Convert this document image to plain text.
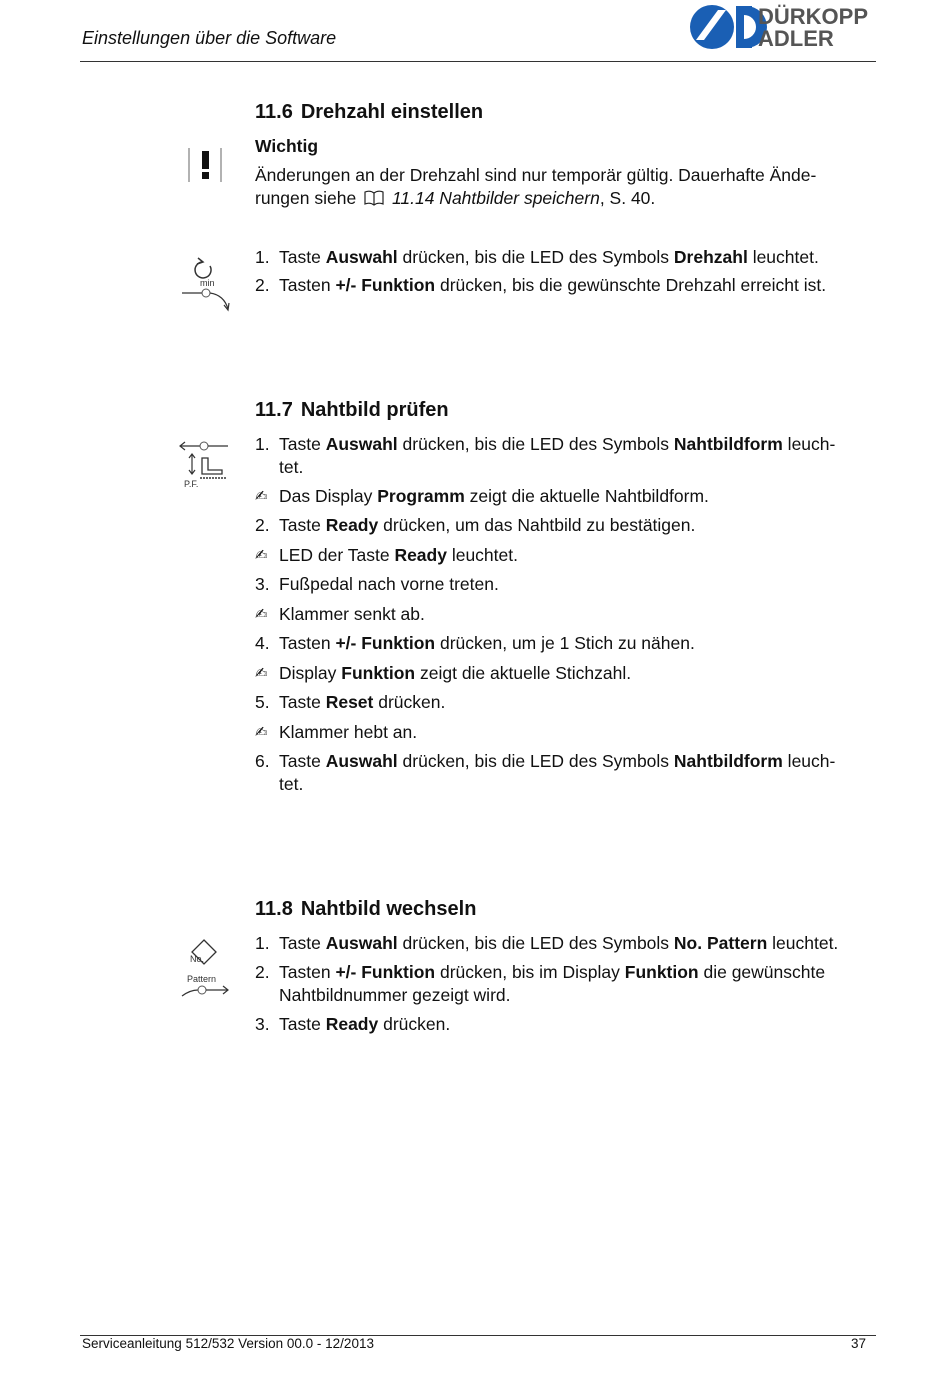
Einstellungen über die Software
DÜRKOPP
ADLER
11.6 Drehzahl einstellen
Wichtig
Änderungen an der Drehzahl sind nur temporär gültig. Dauerhafte Ände-
rungen siehe 11.14 Nahtbilder speichern, S. 40.
min
1. Taste Auswahl drücken, bis die LED des Symbols Drehzahl leuchtet.
2. Tasten +/- Funktion drücken, bis die gewünschte Drehzahl erreicht ist.
11.7 Nahtbild prüfen
P.F.
1. Taste Auswahl drücken, bis die LED des Symbols Nahtbildform leuch-
tet.
✍ Das Display Programm zeigt die aktuelle Nahtbildform.
2. Taste Ready drücken, um das Nahtbild zu bestätigen.
✍ LED der Taste Ready leuchtet.
3. Fußpedal nach vorne treten.
✍ Klammer senkt ab.
4. Tasten +/- Funktion drücken, um je 1 Stich zu nähen.
✍ Display Funktion zeigt die aktuelle Stichzahl.
5. Taste Reset drücken.
✍ Klammer hebt an.
6. Taste Auswahl drücken, bis die LED des Symbols Nahtbildform leuch-
tet.
11.8 Nahtbild wechseln
No.
Pattern
1. Taste Auswahl drücken, bis die LED des Symbols No. Pattern leuchtet.
2. Tasten +/- Funktion drücken, bis im Display Funktion die gewünschte
Nahtbildnummer gezeigt wird.
3. Taste Ready drücken.
Serviceanleitung 512/532 Version 00.0 - 12/2013	37
